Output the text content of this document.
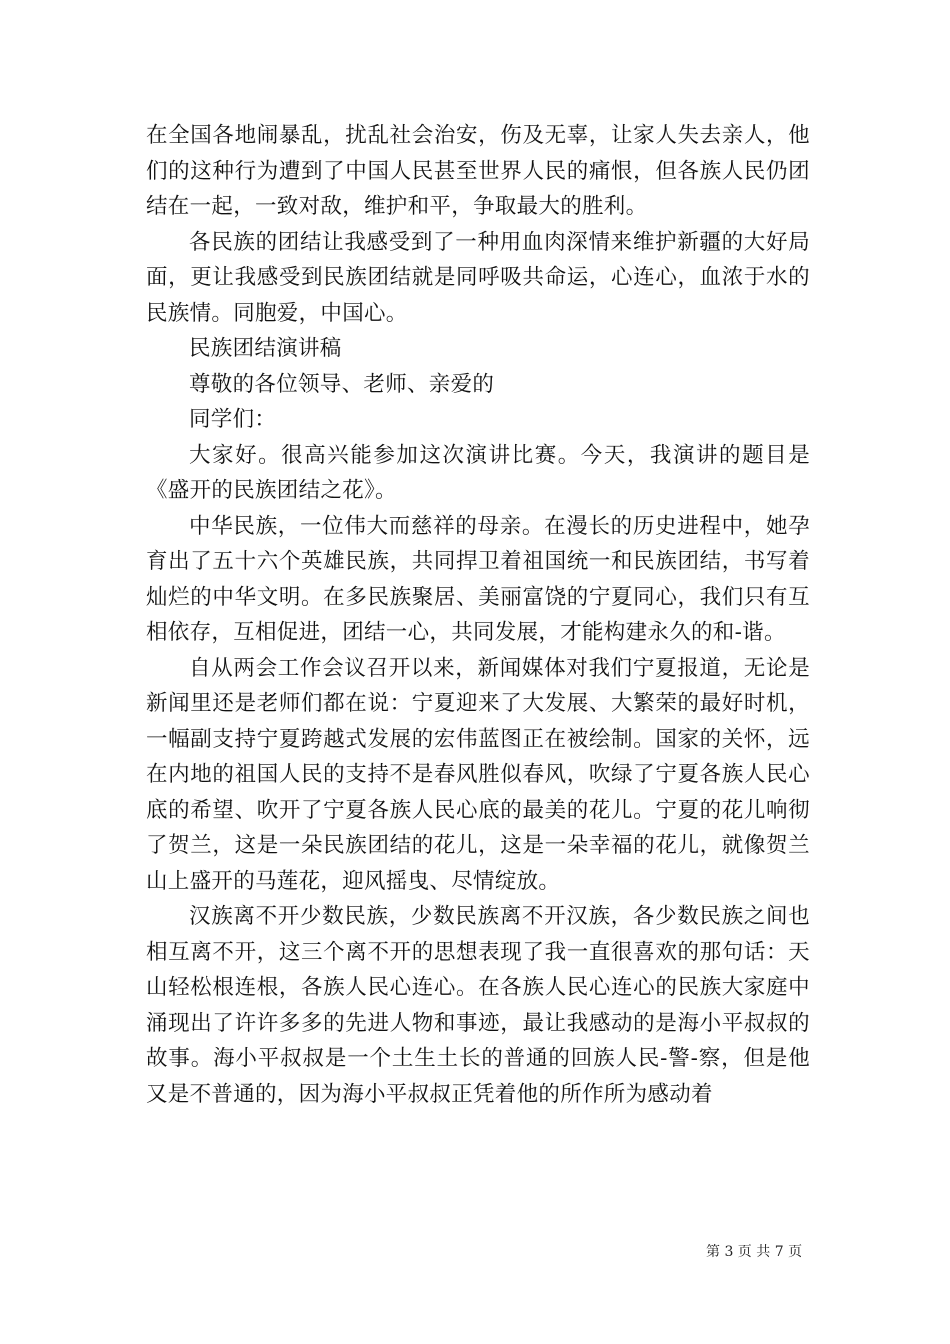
在全国各地闹暴乱，扰乱社会治安，伤及无辜，让家人失去亲人，他们的这种行为遭到了中国人民甚至世界人民的痛恨，但各族人民仍团结在一起，一致对敌，维护和平，争取最大的胜利。

各民族的团结让我感受到了一种用血肉深情来维护新疆的大好局面，更让我感受到民族团结就是同呼吸共命运，心连心，血浓于水的民族情。同胞爱，中国心。

民族团结演讲稿

尊敬的各位领导、老师、亲爱的

同学们：

大家好。很高兴能参加这次演讲比赛。今天，我演讲的题目是《盛开的民族团结之花》。

中华民族，一位伟大而慈祥的母亲。在漫长的历史进程中，她孕育出了五十六个英雄民族，共同捍卫着祖国统一和民族团结，书写着灿烂的中华文明。在多民族聚居、美丽富饶的宁夏同心，我们只有互相依存，互相促进，团结一心，共同发展，才能构建永久的和-谐。

自从两会工作会议召开以来，新闻媒体对我们宁夏报道，无论是新闻里还是老师们都在说：宁夏迎来了大发展、大繁荣的最好时机，一幅副支持宁夏跨越式发展的宏伟蓝图正在被绘制。国家的关怀，远在内地的祖国人民的支持不是春风胜似春风，吹绿了宁夏各族人民心底的希望、吹开了宁夏各族人民心底的最美的花儿。宁夏的花儿响彻了贺兰，这是一朵民族团结的花儿，这是一朵幸福的花儿，就像贺兰山上盛开的马莲花，迎风摇曳、尽情绽放。

汉族离不开少数民族，少数民族离不开汉族，各少数民族之间也相互离不开，这三个离不开的思想表现了我一直很喜欢的那句话：天山轻松根连根，各族人民心连心。在各族人民心连心的民族大家庭中涌现出了许许多多的先进人物和事迹，最让我感动的是海小平叔叔的故事。海小平叔叔是一个土生土长的普通的回族人民-警-察，但是他又是不普通的，因为海小平叔叔正凭着他的所作所为感动着

第 3 页 共 7 页
